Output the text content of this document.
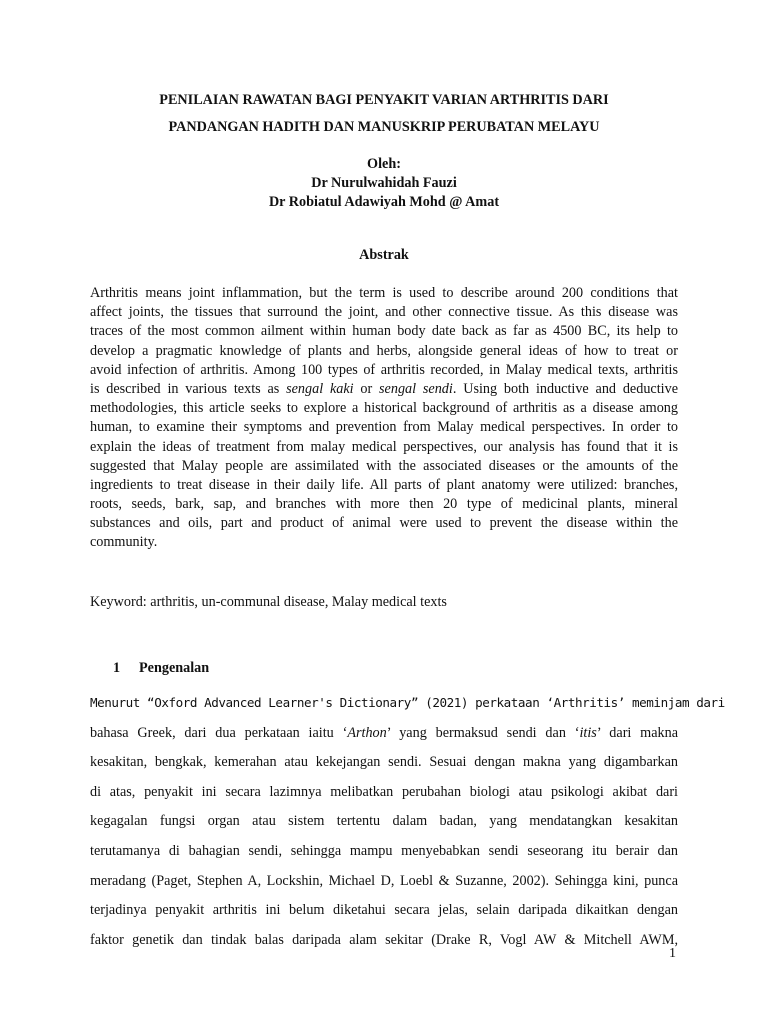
PENILAIAN RAWATAN BAGI PENYAKIT VARIAN ARTHRITIS DARI
PANDANGAN HADITH DAN MANUSKRIP PERUBATAN MELAYU
Oleh:
Dr Nurulwahidah Fauzi
Dr Robiatul Adawiyah Mohd @ Amat
Abstrak
Arthritis means joint inflammation, but the term is used to describe around 200 conditions that
affect joints, the tissues that surround the joint, and other connective tissue. As this disease was
traces of the most common ailment within human body date back as far as 4500 BC, its help to
develop a pragmatic knowledge of plants and herbs, alongside general ideas of how to treat or
avoid infection of arthritis. Among 100 types of arthritis recorded, in Malay medical texts, arthritis
is described in various texts as sengal kaki or sengal sendi. Using both inductive and deductive
methodologies, this article seeks to explore a historical background of arthritis as a disease among
human, to examine their symptoms and prevention from Malay medical perspectives. In order to
explain the ideas of treatment from malay medical perspectives, our analysis has found that it is
suggested that Malay people are assimilated with the associated diseases or the amounts of the
ingredients to treat disease in their daily life. All parts of plant anatomy were utilized: branches,
roots, seeds, bark, sap, and branches with more then 20 type of medicinal plants, mineral
substances and oils, part and product of animal were used to prevent the disease within the
community.
Keyword: arthritis, un-communal disease, Malay medical texts
1 Pengenalan
Menurut “Oxford Advanced Learner's Dictionary” (2021) perkataan ‘Arthritis’ meminjam dari
bahasa Greek, dari dua perkataan iaitu ‘Arthon’ yang bermaksud sendi dan ‘itis’ dari makna
kesakitan, bengkak, kemerahan atau kekejangan sendi. Sesuai dengan makna yang digambarkan
di atas, penyakit ini secara lazimnya melibatkan perubahan biologi atau psikologi akibat dari
kegagalan fungsi organ atau sistem tertentu dalam badan, yang mendatangkan kesakitan
terutamanya di bahagian sendi, sehingga mampu menyebabkan sendi seseorang itu berair dan
meradang (Paget, Stephen A, Lockshin, Michael D, Loebl & Suzanne, 2002). Sehingga kini, punca
terjadinya penyakit arthritis ini belum diketahui secara jelas, selain daripada dikaitkan dengan
faktor genetik dan tindak balas daripada alam sekitar (Drake R, Vogl AW & Mitchell AWM,
1
